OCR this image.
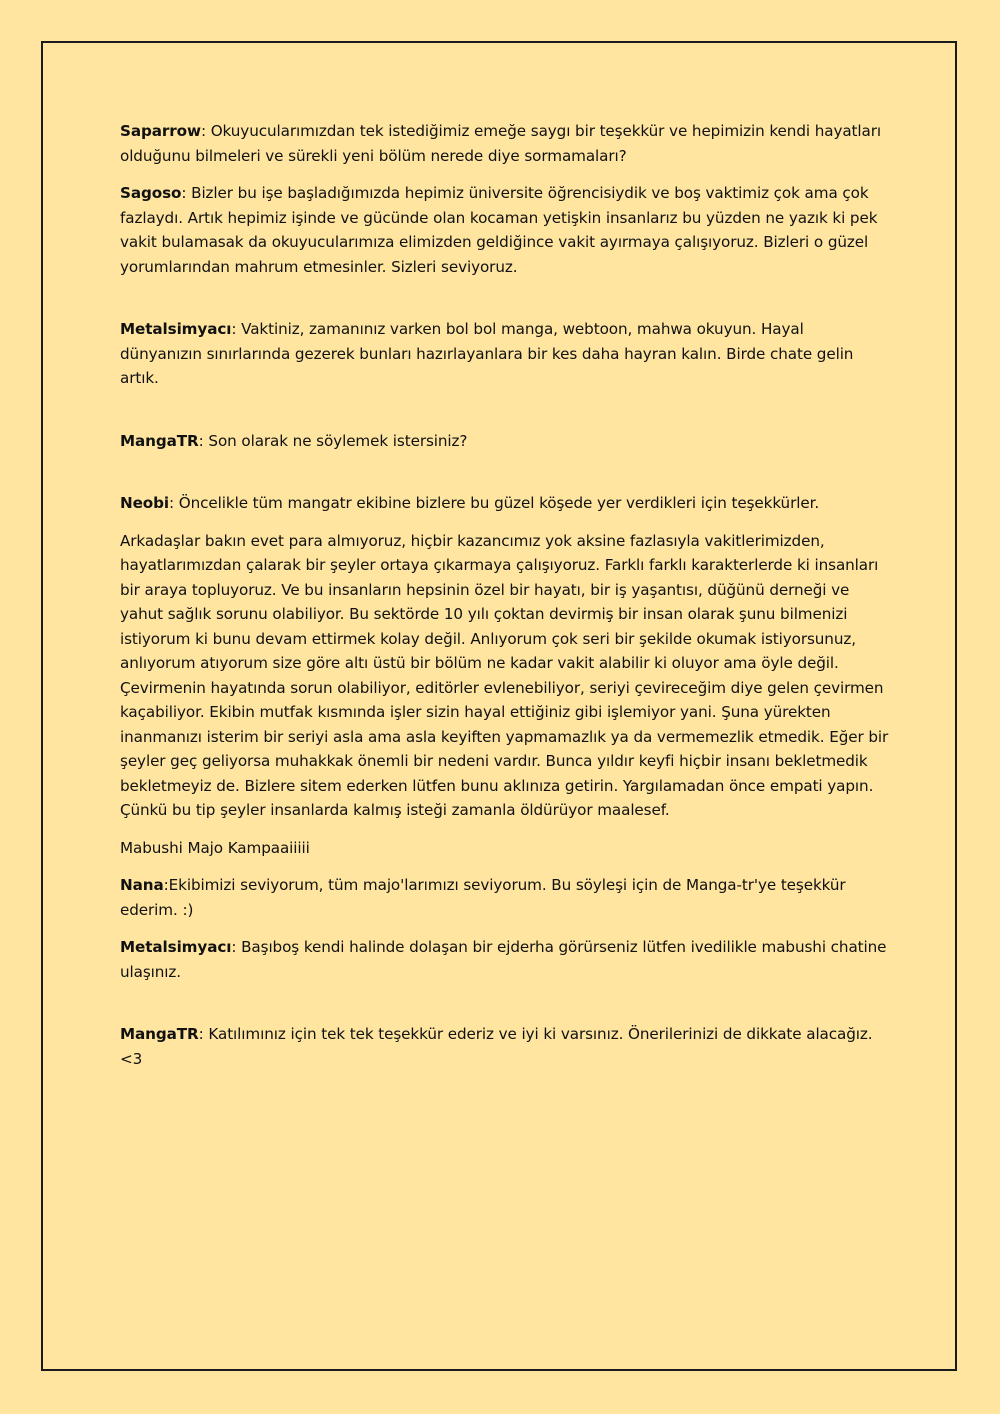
Saparrow: Okuyucularımızdan tek istediğimiz emeğe saygı bir teşekkür ve hepimizin kendi hayatları olduğunu bilmeleri ve sürekli yeni bölüm nerede diye sormamaları?

Sagoso: Bizler bu işe başladığımızda hepimiz üniversite öğrencisiydik ve boş vaktimiz çok ama çok fazlaydı. Artık hepimiz işinde ve gücünde olan kocaman yetişkin insanlarız bu yüzden ne yazık ki pek vakit bulamasak da okuyucularımıza elimizden geldiğince vakit ayırmaya çalışıyoruz. Bizleri o güzel yorumlarından mahrum etmesinler. Sizleri seviyoruz.

Metalsimyacı: Vaktiniz, zamanınız varken bol bol manga, webtoon, mahwa okuyun. Hayal dünyanızın sınırlarında gezerek bunları hazırlayanlara bir kes daha hayran kalın. Birde chate gelin artık.

MangaTR: Son olarak ne söylemek istersiniz?

Neobi: Öncelikle tüm mangatr ekibine bizlere bu güzel köşede yer verdikleri için teşekkürler.

Arkadaşlar bakın evet para almıyoruz, hiçbir kazancımız yok aksine fazlasıyla vakitlerimizden, hayatlarımızdan çalarak bir şeyler ortaya çıkarmaya çalışıyoruz. Farklı farklı karakterlerde ki insanları bir araya topluyoruz. Ve bu insanların hepsinin özel bir hayatı, bir iş yaşantısı, düğünü derneği ve yahut sağlık sorunu olabiliyor. Bu sektörde 10 yılı çoktan devirmiş bir insan olarak şunu bilmenizi istiyorum ki bunu devam ettirmek kolay değil. Anlıyorum çok seri bir şekilde okumak istiyorsunuz, anlıyorum atıyorum size göre altı üstü bir bölüm ne kadar vakit alabilir ki oluyor ama öyle değil. Çevirmenin hayatında sorun olabiliyor, editörler evlenebiliyor, seriyi çevireceğim diye gelen çevirmen kaçabiliyor. Ekibin mutfak kısmında işler sizin hayal ettiğiniz gibi işlemiyor yani. Şuna yürekten inanmanızı isterim bir seriyi asla ama asla keyiften yapmamazlık ya da vermemezlik etmedik. Eğer bir şeyler geç geliyorsa muhakkak önemli bir nedeni vardır. Bunca yıldır keyfi hiçbir insanı bekletmedik bekletmeyiz de. Bizlere sitem ederken lütfen bunu aklınıza getirin. Yargılamadan önce empati yapın. Çünkü bu tip şeyler insanlarda kalmış isteği zamanla öldürüyor maalesef.

Mabushi Majo Kampaaiiiii

Nana:Ekibimizi seviyorum, tüm majo'larımızı seviyorum. Bu söyleşi için de Manga-tr'ye teşekkür ederim. :)

Metalsimyacı: Başıboş kendi halinde dolaşan bir ejderha görürseniz lütfen ivedilikle mabushi chatine ulaşınız.

MangaTR: Katılımınız için tek tek teşekkür ederiz ve iyi ki varsınız. Önerilerinizi de dikkate alacağız. <3
